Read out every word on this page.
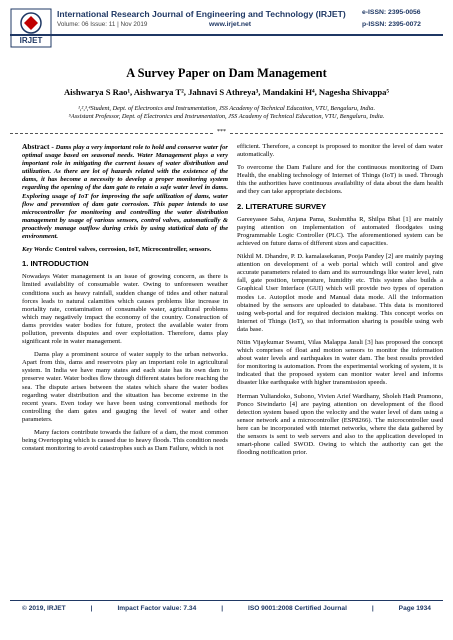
IRJET
International Research Journal of Engineering and Technology (IRJET)
Volume: 06 Issue: 11 | Nov 2019	www.irjet.net
e-ISSN: 2395-0056
p-ISSN: 2395-0072
A Survey Paper on Dam Management
Aishwarya S Rao¹, Aishwarya T², Jahnavi S Athreya³, Mandakini H⁴, Nagesha Shivappa⁵
¹,²,³,⁴Student, Dept. of Electronics and Instrumentation, JSS Academy of Technical Education, VTU, Bengaluru, India.
⁵Assistant Professor, Dept. of Electronics and Instrumentation, JSS Academy of Technical Education, VTU, Bengaluru, India.
***

Abstract - Dams play a very important role to hold and conserve water for optimal usage based on seasonal needs. Water Management plays a very important role in mitigating the current issues of water distribution and utilization. As there are lot of hazards related with the existence of the dams, it has become a necessity to develop a proper monitoring system regarding the opening of the dam gate to retain a safe water level in dams. Exploring usage of IoT for improving the safe utilization of dams, water flow and prevention of dam gate corrosion. This paper intends to use microcontroller for monitoring and controlling the water distribution management by usage of various sensors, control valves, automatically & proactively manage outflow during crisis by using statistical data of the environment.

Key Words: Control valves, corrosion, IoT, Microcontroller, sensors.

1. INTRODUCTION

Nowadays Water management is an issue of growing concern, as there is limited availability of consumable water. Owing to unforeseen weather conditions such as heavy rainfall, sudden change of tides and other natural forces leads to natural calamities which causes problems like increase in mortality rate, contamination of consumable water, agricultural problems which may negatively impact the economy of the country. Construction of dams provides water bodies for future, protect the available water from pollution, prevents disputes and over exploitation. Therefore, dams play significant role in water management.

Dams play a prominent source of water supply to the urban networks. Apart from this, dams and reservoirs play an important role in agricultural system. In India we have many states and each state has its own dam to preserve water. Water bodies flow through different states before reaching the sea. The dispute arises between the states which share the water bodies regarding water distribution and the situation has become extreme in the recent years. Even today we have been using conventional methods for controlling the dam gates and gauging the level of water and other parameters.

Many factors contribute towards the failure of a dam, the most common being Overtopping which is caused due to heavy floods. This condition needs constant monitoring to avoid catastrophes such as Dam Failure, which is not

efficient. Therefore, a concept is proposed to monitor the level of dam water automatically.

To overcome the Dam Failure and for the continuous monitoring of Dam Health, the enabling technology of Internet of Things (IoT) is used. Through this the authorities have continuous availability of data about the dam health and they can take appropriate decisions.

2. LITERATURE SURVEY

Gareeyasee Saha, Anjana Pama, Sushmitha R, Shilpa Bhat [1] are mainly paying attention on implementation of automated floodgates using Programmable Logic Controller (PLC). The aforementioned system can be achieved on future dams of different sizes and capacities.

Nikhil M. Dhandre, P. D. kamalasekaran, Pooja Pandey [2] are mainly paying attention on development of a web portal which will control and give accurate parameters related to dam and its surroundings like water level, rain fall, gate position, temperature, humidity etc. This system also builds a Graphical User Interface (GUI) which will provide two types of operation modes i.e. Autopilot mode and Manual data mode. All the information obtained by the sensors are uploaded to database. This data is monitored using web-portal and for required decision making. This concept works on Internet of Things (IoT), so that information sharing is possible using web data base.

Nitin Vijaykumar Swami, Vilas Malappa Jarali [3] has proposed the concept which comprises of float and motion sensors to monitor the information about water levels and earthquakes in water dam. The best results provided for monitoring is automation. From the experimental working of system, it is indicated that the proposed system can monitor water level and informs disaster like earthquake with higher transmission speeds.

Herman Yuliandoko, Subono, Vivien Arief Wardhany, Sholeh Hadi Pramono, Ponco Siwindarto [4] are paying attention on development of the flood detection system based upon the velocity and the water level of dam using a sensor network and a microcontroller (ESP8266). The microcontroller used here can be incorporated with internet networks, where the data gathered by the sensors is sent to web servers and also to the application developed in smart-phone called SWOD. Owing to which the authority can get the flooding notification prior.

© 2019, IRJET	|	Impact Factor value: 7.34	|	ISO 9001:2008 Certified Journal	|	Page 1934
